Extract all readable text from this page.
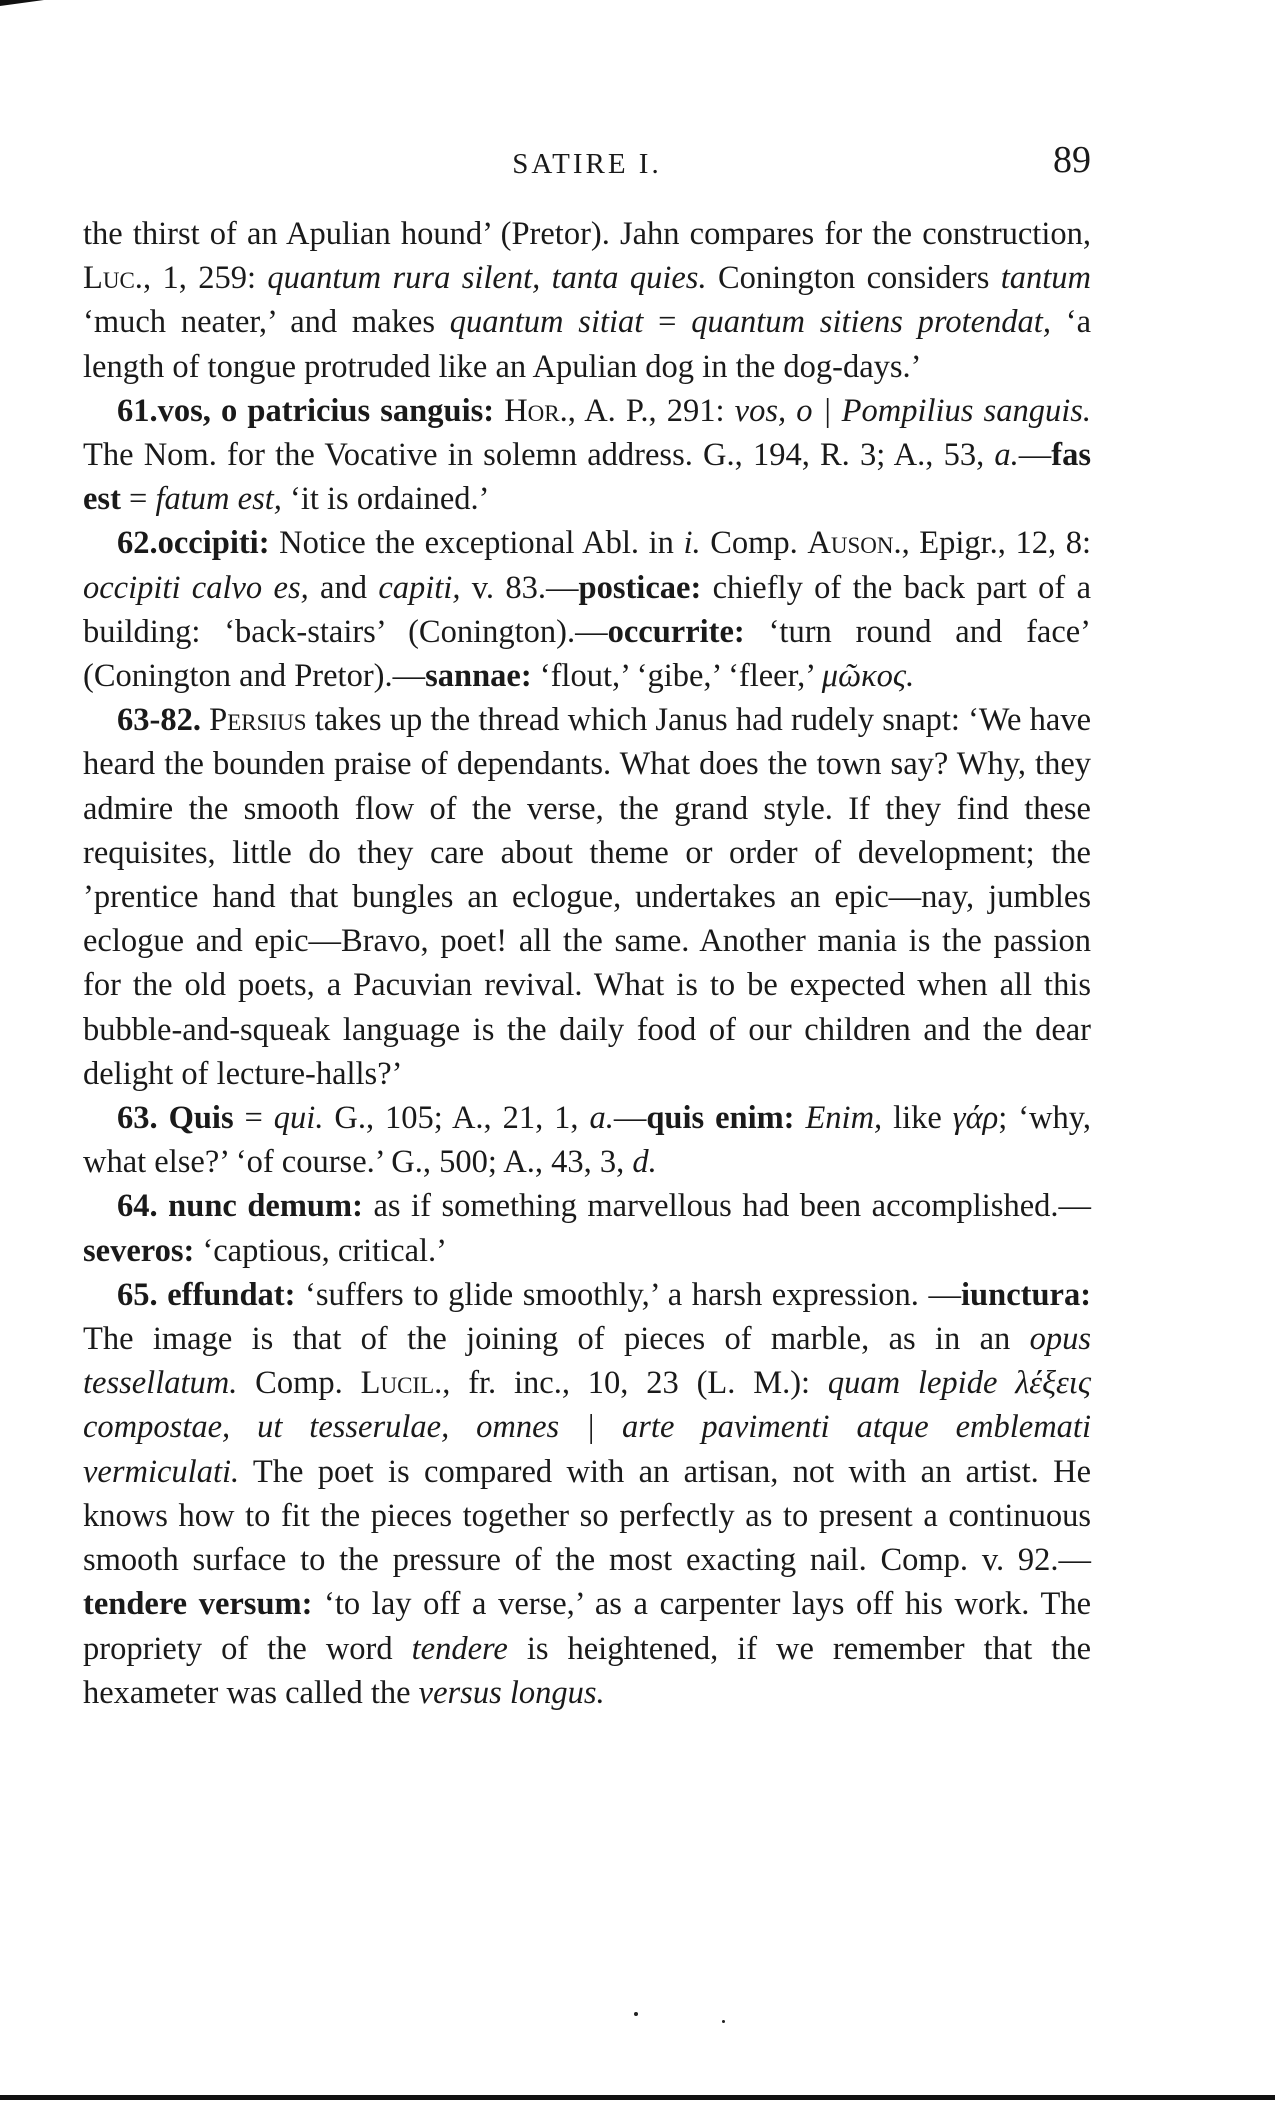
SATIRE I.	89

the thirst of an Apulian hound’ (Pretor). Jahn compares for the construction, Luc., 1, 259: quantum rura silent, tanta quies. Conington considers tantum ‘much neater,’ and makes quantum sitiat = quantum sitiens protendat, ‘a length of tongue protruded like an Apulian dog in the dog-days.’

61.vos, o patricius sanguis: Hor., A. P., 291: vos, o | Pompilius sanguis. The Nom. for the Vocative in solemn address. G., 194, R. 3; A., 53, a.—fas est = fatum est, ‘it is ordained.’

62.occipiti: Notice the exceptional Abl. in i. Comp. Auson., Epigr., 12, 8: occipiti calvo es, and capiti, v. 83.—posticae: chiefly of the back part of a building: ‘back-stairs’ (Conington).—occurrite: ‘turn round and face’ (Conington and Pretor).—sannae: ‘flout,’ ‘gibe,’ ‘fleer,’ μῶκος.

63-82. Persius takes up the thread which Janus had rudely snapt: ‘We have heard the bounden praise of dependants. What does the town say? Why, they admire the smooth flow of the verse, the grand style. If they find these requisites, little do they care about theme or order of development; the ’prentice hand that bungles an eclogue, undertakes an epic—nay, jumbles eclogue and epic—Bravo, poet! all the same. Another mania is the passion for the old poets, a Pacuvian revival. What is to be expected when all this bubble-and-squeak language is the daily food of our children and the dear delight of lecture-halls?’

63. Quis = qui. G., 105; A., 21, 1, a.—quis enim: Enim, like γάρ; ‘why, what else?’ ‘of course.’ G., 500; A., 43, 3, d.

64. nunc demum: as if something marvellous had been accomplished.—severos: ‘captious, critical.’

65. effundat: ‘suffers to glide smoothly,’ a harsh expression. —iunctura: The image is that of the joining of pieces of marble, as in an opus tessellatum. Comp. Lucil., fr. inc., 10, 23 (L. M.): quam lepide λέξεις compostae, ut tesserulae, omnes | arte pavimenti atque emblemati vermiculati. The poet is compared with an artisan, not with an artist. He knows how to fit the pieces together so perfectly as to present a continuous smooth surface to the pressure of the most exacting nail. Comp. v. 92.—tendere versum: ‘to lay off a verse,’ as a carpenter lays off his work. The propriety of the word tendere is heightened, if we remember that the hexameter was called the versus longus.
